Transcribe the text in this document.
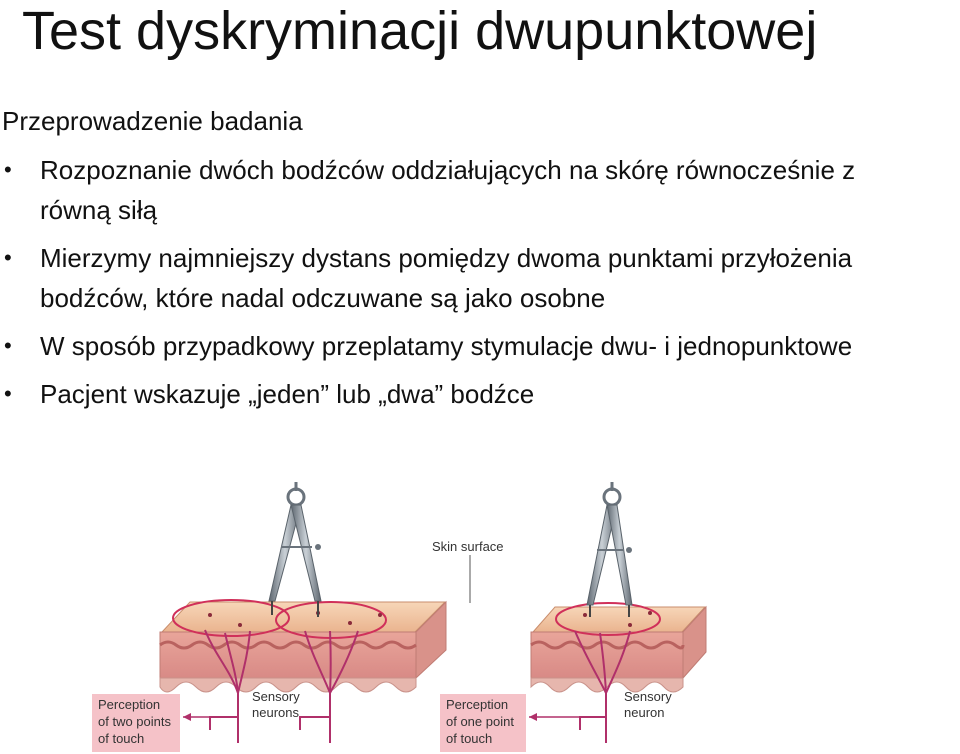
Test dyskryminacji dwupunktowej
Przeprowadzenie badania
• Rozpoznanie dwóch bodźców oddziałujących na skórę równocześnie z równą siłą
• Mierzymy najmniejszy dystans pomiędzy dwoma punktami przyłożenia bodźców, które nadal odczuwane są jako osobne
• W sposób przypadkowy przeplatamy stymulacje dwu- i jednopunktowe
• Pacjent wskazuje „jeden” lub „dwa” bodźce
Skin surface
Perception of two points of touch
Sensory neurons
Perception of one point of touch
Sensory neuron
